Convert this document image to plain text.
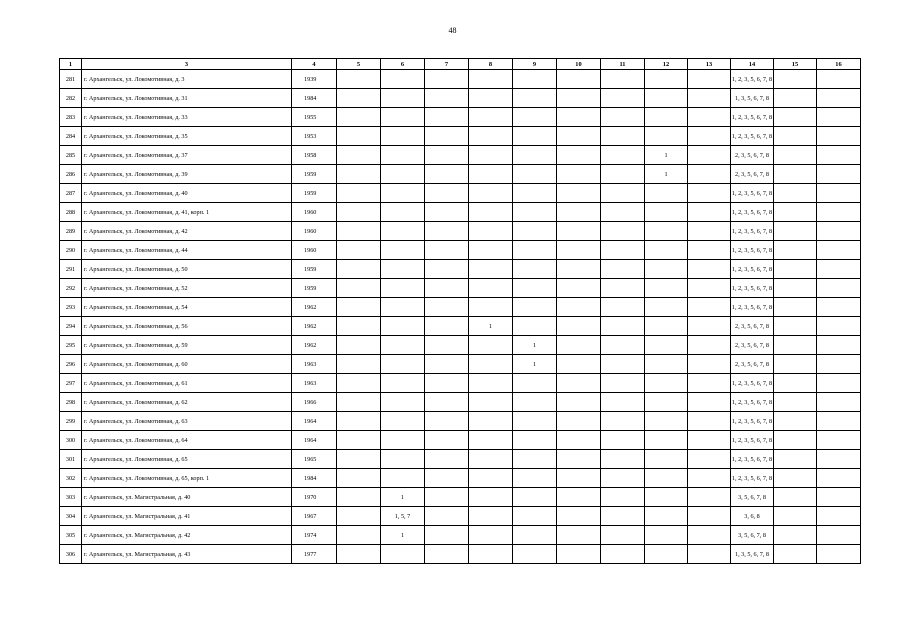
48
1	3	4	5	6	7	8	9	10	11	12	13	14	15	16
281	г. Архангельск, ул. Локомотивная, д. 3	1939										1, 2, 3, 5, 6, 7, 8		
282	г. Архангельск, ул. Локомотивная, д. 31	1984										1, 3, 5, 6, 7, 8		
283	г. Архангельск, ул. Локомотивная, д. 33	1955										1, 2, 3, 5, 6, 7, 8		
284	г. Архангельск, ул. Локомотивная, д. 35	1953										1, 2, 3, 5, 6, 7, 8		
285	г. Архангельск, ул. Локомотивная, д. 37	1958								1		2, 3, 5, 6, 7, 8		
286	г. Архангельск, ул. Локомотивная, д. 39	1959								1		2, 3, 5, 6, 7, 8		
287	г. Архангельск, ул. Локомотивная, д. 40	1959										1, 2, 3, 5, 6, 7, 8		
288	г. Архангельск, ул. Локомотивная, д. 41, корп. 1	1960										1, 2, 3, 5, 6, 7, 8		
289	г. Архангельск, ул. Локомотивная, д. 42	1960										1, 2, 3, 5, 6, 7, 8		
290	г. Архангельск, ул. Локомотивная, д. 44	1960										1, 2, 3, 5, 6, 7, 8		
291	г. Архангельск, ул. Локомотивная, д. 50	1959										1, 2, 3, 5, 6, 7, 8		
292	г. Архангельск, ул. Локомотивная, д. 52	1959										1, 2, 3, 5, 6, 7, 8		
293	г. Архангельск, ул. Локомотивная, д. 54	1962										1, 2, 3, 5, 6, 7, 8		
294	г. Архангельск, ул. Локомотивная, д. 56	1962				1						2, 3, 5, 6, 7, 8		
295	г. Архангельск, ул. Локомотивная, д. 59	1962					1					2, 3, 5, 6, 7, 8		
296	г. Архангельск, ул. Локомотивная, д. 60	1963					1					2, 3, 5, 6, 7, 8		
297	г. Архангельск, ул. Локомотивная, д. 61	1963										1, 2, 3, 5, 6, 7, 8		
298	г. Архангельск, ул. Локомотивная, д. 62	1966										1, 2, 3, 5, 6, 7, 8		
299	г. Архангельск, ул. Локомотивная, д. 63	1964										1, 2, 3, 5, 6, 7, 8		
300	г. Архангельск, ул. Локомотивная, д. 64	1964										1, 2, 3, 5, 6, 7, 8		
301	г. Архангельск, ул. Локомотивная, д. 65	1965										1, 2, 3, 5, 6, 7, 8		
302	г. Архангельск, ул. Локомотивная, д. 65, корп. 1	1984										1, 2, 3, 5, 6, 7, 8		
303	г. Архангельск, ул. Магистральная, д. 40	1970		1								3, 5, 6, 7, 8		
304	г. Архангельск, ул. Магистральная, д. 41	1967		1, 5, 7								3, 6, 8		
305	г. Архангельск, ул. Магистральная, д. 42	1974		1								3, 5, 6, 7, 8		
306	г. Архангельск, ул. Магистральная, д. 43	1977										1, 3, 5, 6, 7, 8		
